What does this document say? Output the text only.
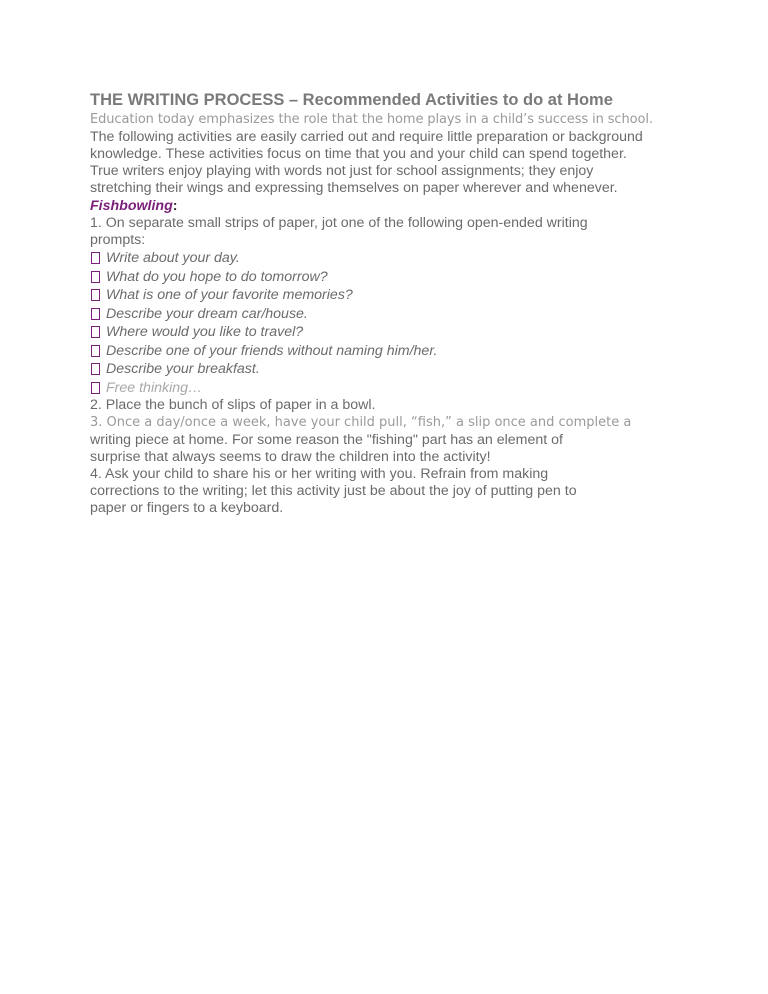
THE WRITING PROCESS – Recommended Activities to do at Home

Education today emphasizes the role that the home plays in a child’s success in school.

The following activities are easily carried out and require little preparation or background

knowledge. These activities focus on time that you and your child can spend together.

True writers enjoy playing with words not just for school assignments; they enjoy

stretching their wings and expressing themselves on paper wherever and whenever.

Fishbowling:

1. On separate small strips of paper, jot one of the following open-ended writing

prompts:

Write about your day.
What do you hope to do tomorrow?
What is one of your favorite memories?
Describe your dream car/house.
Where would you like to travel?
Describe one of your friends without naming him/her.
Describe your breakfast.
Free thinking…

2. Place the bunch of slips of paper in a bowl.

3. Once a day/once a week, have your child pull, “fish,” a slip once and complete a

writing piece at home. For some reason the "fishing" part has an element of

surprise that always seems to draw the children into the activity!

4. Ask your child to share his or her writing with you. Refrain from making

corrections to the writing; let this activity just be about the joy of putting pen to

paper or fingers to a keyboard.
